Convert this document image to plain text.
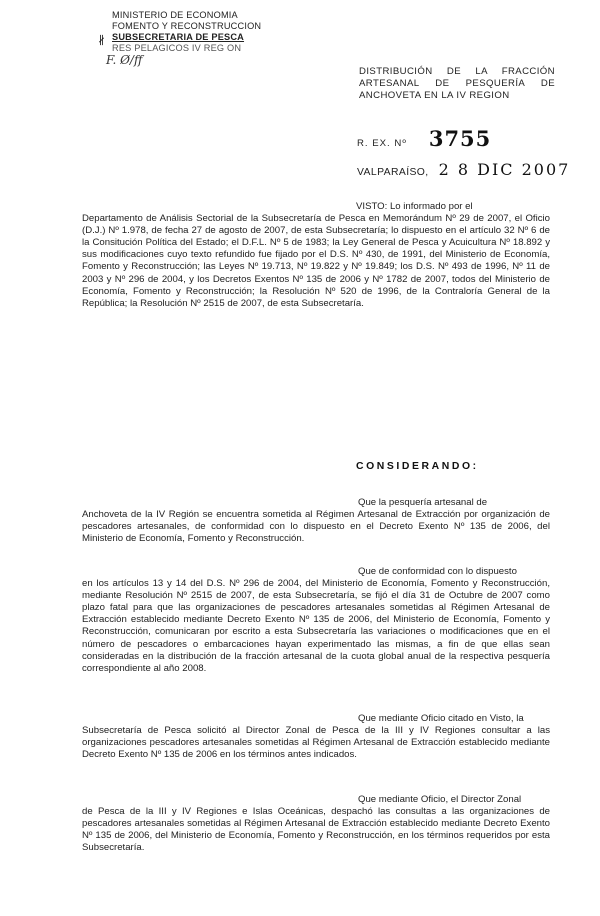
∦
MINISTERIO DE ECONOMIA
FOMENTO Y RECONSTRUCCION
SUBSECRETARIA DE PESCA
RES PELAGICOS IV REG ON
F. Ø/ff
DISTRIBUCIÓN DE LA FRACCIÓN
ARTESANAL DE PESQUERÍA DE
ANCHOVETA EN LA IV REGION
R. EX. Nº 3755
VALPARAÍSO, 2 8 DIC 2007
VISTO: Lo informado por el
Departamento de Análisis Sectorial de la Subsecretaría de Pesca en Memorándum Nº 29 de 2007, el Oficio (D.J.) Nº 1.978, de fecha 27 de agosto de 2007, de esta Subsecretaría; lo dispuesto en el artículo 32 Nº 6 de la Consitución Política del Estado; el D.F.L. Nº 5 de 1983; la Ley General de Pesca y Acuicultura Nº 18.892 y sus modificaciones cuyo texto refundido fue fijado por el D.S. Nº 430, de 1991, del Ministerio de Economía, Fomento y Reconstrucción; las Leyes Nº 19.713, Nº 19.822 y Nº 19.849; los D.S. Nº 493 de 1996, Nº 11 de 2003 y Nº 296 de 2004, y los Decretos Exentos Nº 135 de 2006 y Nº 1782 de 2007, todos del Ministerio de Economía, Fomento y Reconstrucción; la Resolución Nº 520 de 1996, de la Contraloría General de la República; la Resolución Nº 2515 de 2007, de esta Subsecretaría.
CONSIDERANDO:
Que la pesquería artesanal de
Anchoveta de la IV Región se encuentra sometida al Régimen Artesanal de Extracción por organización de pescadores artesanales, de conformidad con lo dispuesto en el Decreto Exento Nº 135 de 2006, del Ministerio de Economía, Fomento y Reconstrucción.
Que de conformidad con lo dispuesto
en los artículos 13 y 14 del D.S. Nº 296 de 2004, del Ministerio de Economía, Fomento y Reconstrucción, mediante Resolución Nº 2515 de 2007, de esta Subsecretaría, se fijó el día 31 de Octubre de 2007 como plazo fatal para que las organizaciones de pescadores artesanales sometidas al Régimen Artesanal de Extracción establecido mediante Decreto Exento Nº 135 de 2006, del Ministerio de Economía, Fomento y Reconstrucción, comunicaran por escrito a esta Subsecretaría las variaciones o modificaciones que en el número de pescadores o embarcaciones hayan experimentado las mismas, a fin de que ellas sean consideradas en la distribución de la fracción artesanal de la cuota global anual de la respectiva pesquería correspondiente al año 2008.
Que mediante Oficio citado en Visto, la
Subsecretaría de Pesca solicitó al Director Zonal de Pesca de la III y IV Regiones consultar a las organizaciones pescadores artesanales sometidas al Régimen Artesanal de Extracción establecido mediante Decreto Exento Nº 135 de 2006 en los términos antes indicados.
Que mediante Oficio, el Director Zonal
de Pesca de la III y IV Regiones e Islas Oceánicas, despachó las consultas a las organizaciones de pescadores artesanales sometidas al Régimen Artesanal de Extracción establecido mediante Decreto Exento Nº 135 de 2006, del Ministerio de Economía, Fomento y Reconstrucción, en los términos requeridos por esta Subsecretaría.
